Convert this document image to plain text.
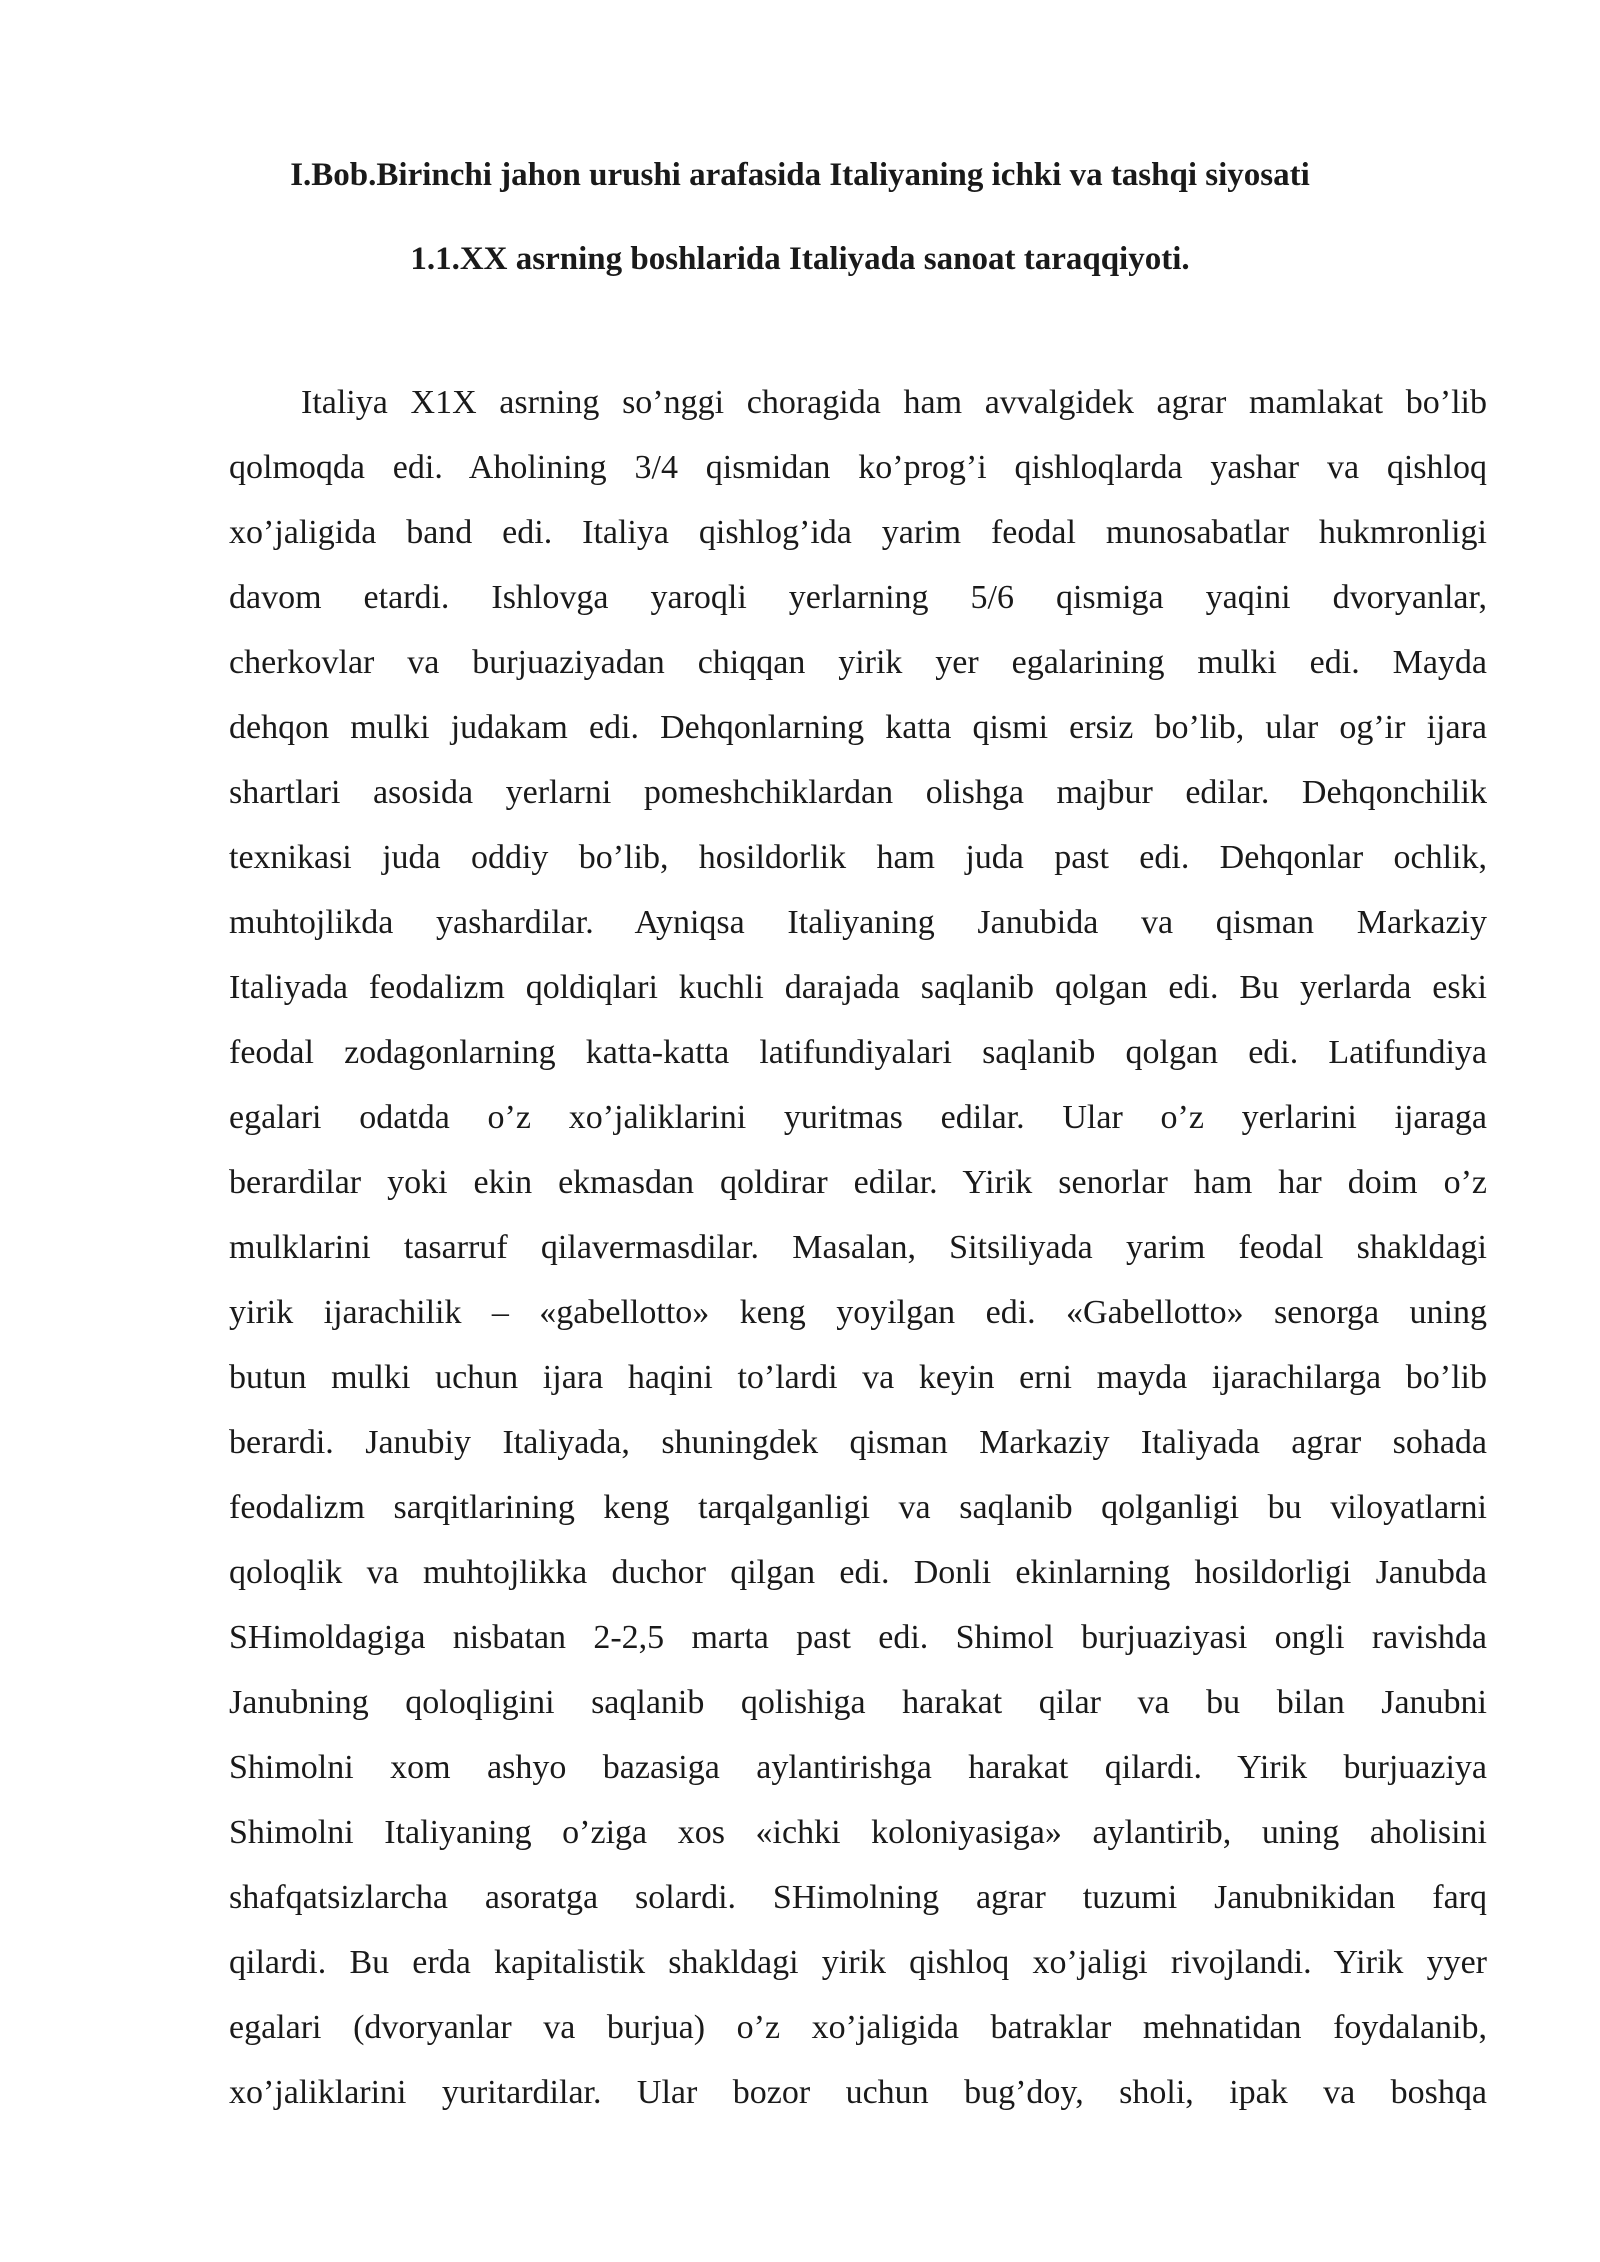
I.Bob.Birinchi jahon urushi arafasida Italiyaning ichki va tashqi siyosati
1.1.XX asrning boshlarida Italiyada sanoat taraqqiyoti.
Italiya X1X asrning so’nggi choragida ham avvalgidek agrar mamlakat bo’lib
qolmoqda edi. Aholining 3/4 qismidan ko’prog’i qishloqlarda yashar va qishloq
xo’jaligida band edi. Italiya qishlog’ida yarim feodal munosabatlar hukmronligi
davom etardi. Ishlovga yaroqli yerlarning 5/6 qismiga yaqini dvoryanlar,
cherkovlar va burjuaziyadan chiqqan yirik yer egalarining mulki edi. Mayda
dehqon mulki judakam edi. Dehqonlarning katta qismi ersiz bo’lib, ular og’ir ijara
shartlari asosida yerlarni pomeshchiklardan olishga majbur edilar. Dehqonchilik
texnikasi juda oddiy bo’lib, hosildorlik ham juda past edi. Dehqonlar ochlik,
muhtojlikda yashardilar. Ayniqsa Italiyaning Janubida va qisman Markaziy
Italiyada feodalizm qoldiqlari kuchli darajada saqlanib qolgan edi. Bu yerlarda eski
feodal zodagonlarning katta-katta latifundiyalari saqlanib qolgan edi. Latifundiya
egalari odatda o’z xo’jaliklarini yuritmas edilar. Ular o’z yerlarini ijaraga
berardilar yoki ekin ekmasdan qoldirar edilar. Yirik senorlar ham har doim o’z
mulklarini tasarruf qilavermasdilar. Masalan, Sitsiliyada yarim feodal shakldagi
yirik ijarachilik – «gabellotto» keng yoyilgan edi. «Gabellotto» senorga uning
butun mulki uchun ijara haqini to’lardi va keyin erni mayda ijarachilarga bo’lib
berardi. Janubiy Italiyada, shuningdek qisman Markaziy Italiyada agrar sohada
feodalizm sarqitlarining keng tarqalganligi va saqlanib qolganligi bu viloyatlarni
qoloqlik va muhtojlikka duchor qilgan edi. Donli ekinlarning hosildorligi Janubda
SHimoldagiga nisbatan 2-2,5 marta past edi. Shimol burjuaziyasi ongli ravishda
Janubning qoloqligini saqlanib qolishiga harakat qilar va bu bilan Janubni
Shimolni xom ashyo bazasiga aylantirishga harakat qilardi. Yirik burjuaziya
Shimolni Italiyaning o’ziga xos «ichki koloniyasiga» aylantirib, uning aholisini
shafqatsizlarcha asoratga solardi. SHimolning agrar tuzumi Janubnikidan farq
qilardi. Bu erda kapitalistik shakldagi yirik qishloq xo’jaligi rivojlandi. Yirik yyer
egalari (dvoryanlar va burjua) o’z xo’jaligida batraklar mehnatidan foydalanib,
xo’jaliklarini yuritardilar. Ular bozor uchun bug’doy, sholi, ipak va boshqa
